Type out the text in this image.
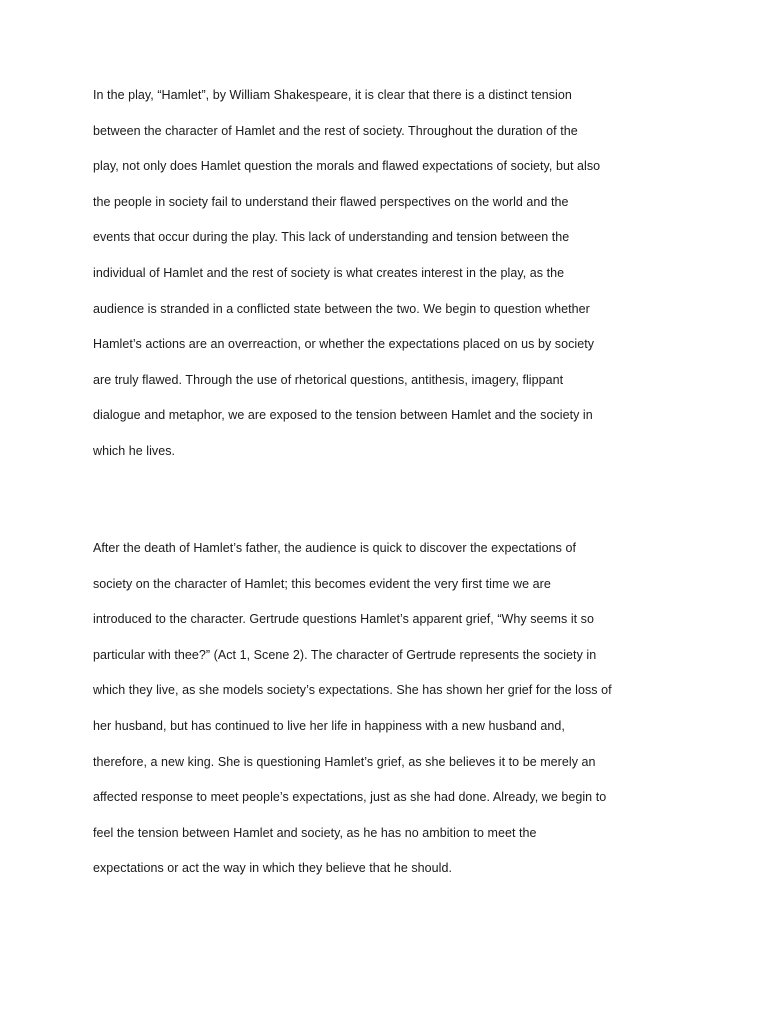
In the play, “Hamlet”, by William Shakespeare, it is clear that there is a distinct tension
between the character of Hamlet and the rest of society. Throughout the duration of the
play, not only does Hamlet question the morals and flawed expectations of society, but also
the people in society fail to understand their flawed perspectives on the world and the
events that occur during the play. This lack of understanding and tension between the
individual of Hamlet and the rest of society is what creates interest in the play, as the
audience is stranded in a conflicted state between the two. We begin to question whether
Hamlet’s actions are an overreaction, or whether the expectations placed on us by society
are truly flawed. Through the use of rhetorical questions, antithesis, imagery, flippant
dialogue and metaphor, we are exposed to the tension between Hamlet and the society in
which he lives.

After the death of Hamlet’s father, the audience is quick to discover the expectations of
society on the character of Hamlet; this becomes evident the very first time we are
introduced to the character. Gertrude questions Hamlet’s apparent grief, “Why seems it so
particular with thee?” (Act 1, Scene 2). The character of Gertrude represents the society in
which they live, as she models society’s expectations. She has shown her grief for the loss of
her husband, but has continued to live her life in happiness with a new husband and,
therefore, a new king. She is questioning Hamlet’s grief, as she believes it to be merely an
affected response to meet people’s expectations, just as she had done. Already, we begin to
feel the tension between Hamlet and society, as he has no ambition to meet the
expectations or act the way in which they believe that he should.
